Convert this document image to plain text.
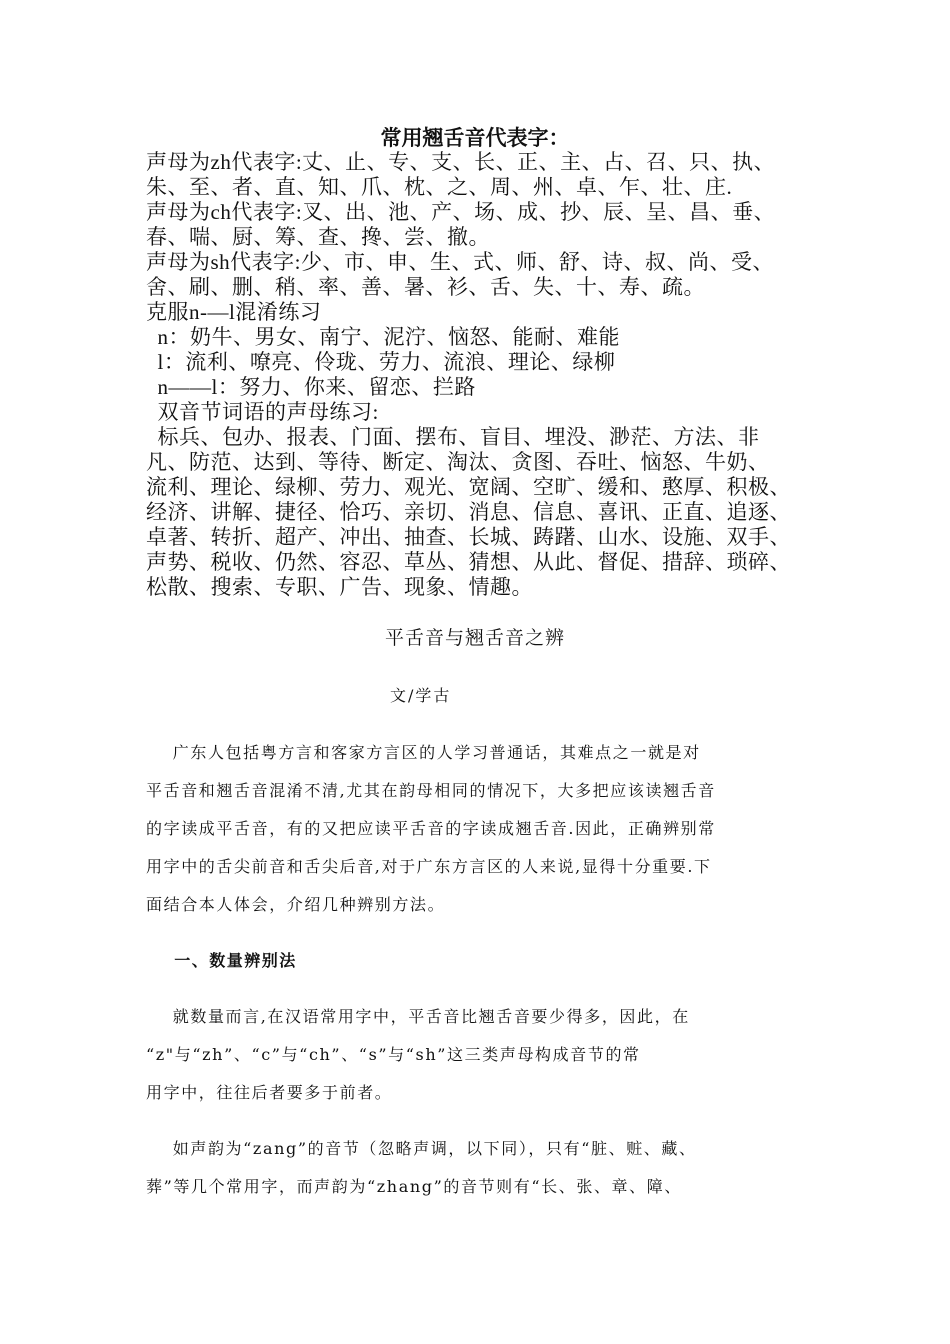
常用翘舌音代表字：
声母为zh代表字:丈、止、专、支、长、正、主、占、召、只、执、
朱、至、者、直、知、爪、枕、之、周、州、卓、乍、壮、庄.
声母为ch代表字:叉、出、池、产、场、成、抄、辰、呈、昌、垂、
春、喘、厨、筹、查、搀、尝、撤。
声母为sh代表字:少、市、申、生、式、师、舒、诗、叔、尚、受、
舍、刷、删、稍、率、善、暑、衫、舌、失、十、寿、疏。
克服n-—l混淆练习
n：奶牛、男女、南宁、泥泞、恼怒、能耐、难能
l：流利、嘹亮、伶珑、劳力、流浪、理论、绿柳
n——l：努力、你来、留恋、拦路
双音节词语的声母练习:
标兵、包办、报表、门面、摆布、盲目、埋没、渺茫、方法、非
凡、防范、达到、等待、断定、淘汰、贪图、吞吐、恼怒、牛奶、
流利、理论、绿柳、劳力、观光、宽阔、空旷、缓和、憨厚、积极、
经济、讲解、捷径、恰巧、亲切、消息、信息、喜讯、正直、追逐、
卓著、转折、超产、冲出、抽查、长城、踌躇、山水、设施、双手、
声势、税收、仍然、容忍、草丛、猜想、从此、督促、措辞、琐碎、
松散、搜索、专职、广告、现象、情趣。
平舌音与翘舌音之辨
文/学古
广东人包括粤方言和客家方言区的人学习普通话，其难点之一就是对
平舌音和翘舌音混淆不清,尤其在韵母相同的情况下，大多把应该读翘舌音
的字读成平舌音，有的又把应读平舌音的字读成翘舌音.因此，正确辨别常
用字中的舌尖前音和舌尖后音,对于广东方言区的人来说,显得十分重要.下
面结合本人体会，介绍几种辨别方法。
一、数量辨别法
就数量而言,在汉语常用字中，平舌音比翘舌音要少得多，因此，在
“z"与“zh”、“c”与“ch”、“s”与“sh”这三类声母构成音节的常
用字中，往往后者要多于前者。
如声韵为“zang”的音节（忽略声调，以下同），只有“脏、赃、藏、
葬”等几个常用字，而声韵为“zhang”的音节则有“长、张、章、障、
